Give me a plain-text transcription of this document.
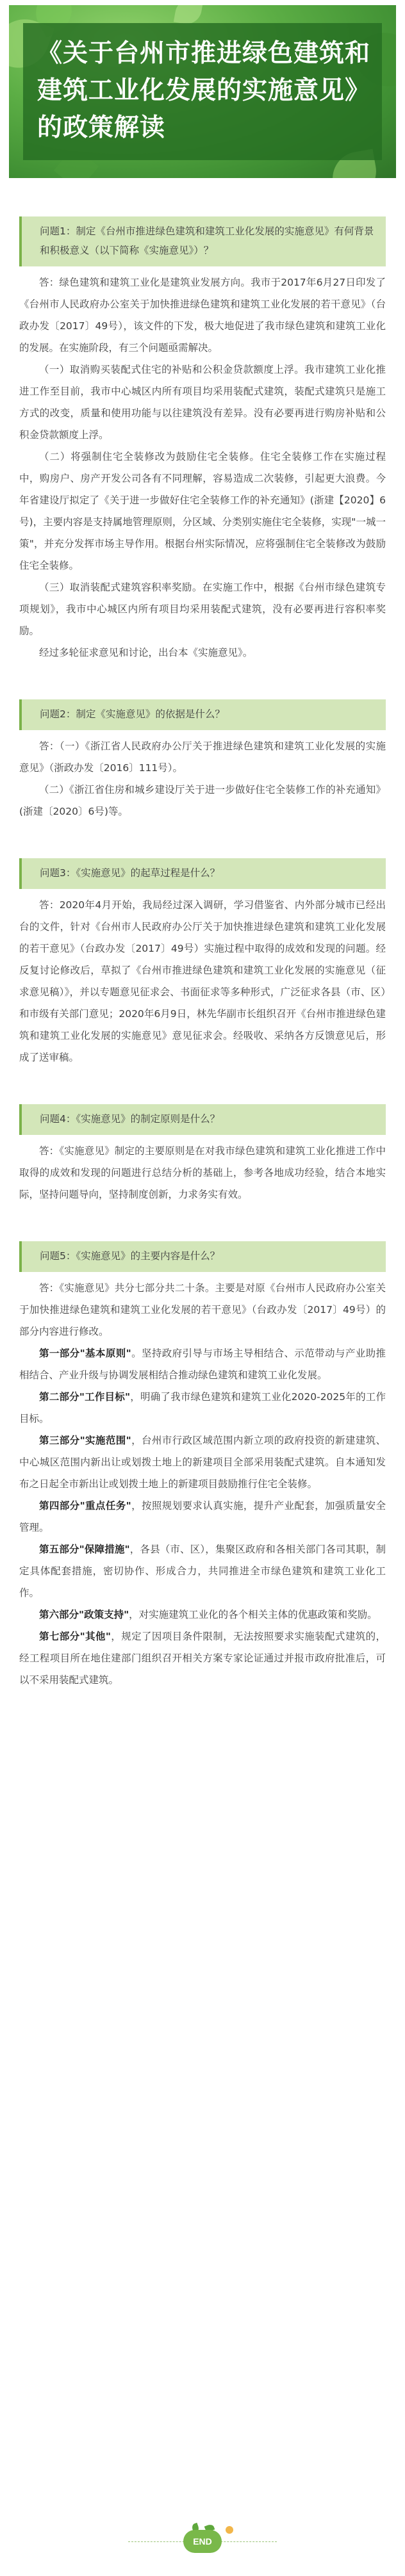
《关于台州市推进绿色建筑和建筑工业化发展的实施意见》的政策解读
问题1：制定《台州市推进绿色建筑和建筑工业化发展的实施意见》有何背景和积极意义（以下简称《实施意见》）？

答：绿色建筑和建筑工业化是建筑业发展方向。我市于2017年6月27日印发了《台州市人民政府办公室关于加快推进绿色建筑和建筑工业化发展的若干意见》（台政办发〔2017〕49号），该文件的下发，极大地促进了我市绿色建筑和建筑工业化的发展。在实施阶段，有三个问题亟需解决。

（一）取消购买装配式住宅的补贴和公积金贷款额度上浮。我市建筑工业化推进工作至目前，我市中心城区内所有项目均采用装配式建筑，装配式建筑只是施工方式的改变，质量和使用功能与以往建筑没有差异。没有必要再进行购房补贴和公积金贷款额度上浮。

（二）将强制住宅全装修改为鼓励住宅全装修。住宅全装修工作在实施过程中，购房户、房产开发公司各有不同理解，容易造成二次装修，引起更大浪费。今年省建设厅拟定了《关于进一步做好住宅全装修工作的补充通知》(浙建【2020】6号)，主要内容是支持属地管理原则，分区域、分类别实施住宅全装修，实现"一城一策"，并充分发挥市场主导作用。根据台州实际情况，应将强制住宅全装修改为鼓励住宅全装修。

（三）取消装配式建筑容积率奖励。在实施工作中，根据《台州市绿色建筑专项规划》，我市中心城区内所有项目均采用装配式建筑，没有必要再进行容积率奖励。

经过多轮征求意见和讨论，出台本《实施意见》。

问题2：制定《实施意见》的依据是什么？

答：（一）《浙江省人民政府办公厅关于推进绿色建筑和建筑工业化发展的实施意见》（浙政办发〔2016〕111号）。

（二）《浙江省住房和城乡建设厅关于进一步做好住宅全装修工作的补充通知》(浙建〔2020〕6号)等。

问题3：《实施意见》的起草过程是什么？

答：2020年4月开始，我局经过深入调研，学习借鉴省、内外部分城市已经出台的文件，针对《台州市人民政府办公厅关于加快推进绿色建筑和建筑工业化发展的若干意见》（台政办发〔2017〕49号）实施过程中取得的成效和发现的问题。经反复讨论修改后，草拟了《台州市推进绿色建筑和建筑工业化发展的实施意见（征求意见稿）》，并以专题意见征求会、书面征求等多种形式，广泛征求各县（市、区）和市级有关部门意见；2020年6月9日，林先华副市长组织召开《台州市推进绿色建筑和建筑工业化发展的实施意见》意见征求会。经吸收、采纳各方反馈意见后，形成了送审稿。

问题4：《实施意见》的制定原则是什么？

答：《实施意见》制定的主要原则是在对我市绿色建筑和建筑工业化推进工作中取得的成效和发现的问题进行总结分析的基础上，参考各地成功经验，结合本地实际，坚持问题导向，坚持制度创新，力求务实有效。

问题5：《实施意见》的主要内容是什么？

答：《实施意见》共分七部分共二十条。主要是对原《台州市人民政府办公室关于加快推进绿色建筑和建筑工业化发展的若干意见》（台政办发〔2017〕49号）的部分内容进行修改。

第一部分"基本原则"。坚持政府引导与市场主导相结合、示范带动与产业助推相结合、产业升级与协调发展相结合推动绿色建筑和建筑工业化发展。

第二部分"工作目标"，明确了我市绿色建筑和建筑工业化2020-2025年的工作目标。

第三部分"实施范围"，台州市行政区域范围内新立项的政府投资的新建建筑、中心城区范围内新出让或划拨土地上的新建项目全部采用装配式建筑。自本通知发布之日起全市新出让或划拨土地上的新建项目鼓励推行住宅全装修。

第四部分"重点任务"，按照规划要求认真实施，提升产业配套，加强质量安全管理。

第五部分"保障措施"，各县（市、区），集聚区政府和各相关部门各司其职，制定具体配套措施，密切协作、形成合力，共同推进全市绿色建筑和建筑工业化工作。

第六部分"政策支持"，对实施建筑工业化的各个相关主体的优惠政策和奖励。

第七部分"其他"，规定了因项目条件限制，无法按照要求实施装配式建筑的，经工程项目所在地住建部门组织召开相关方案专家论证通过并报市政府批准后，可以不采用装配式建筑。

END
